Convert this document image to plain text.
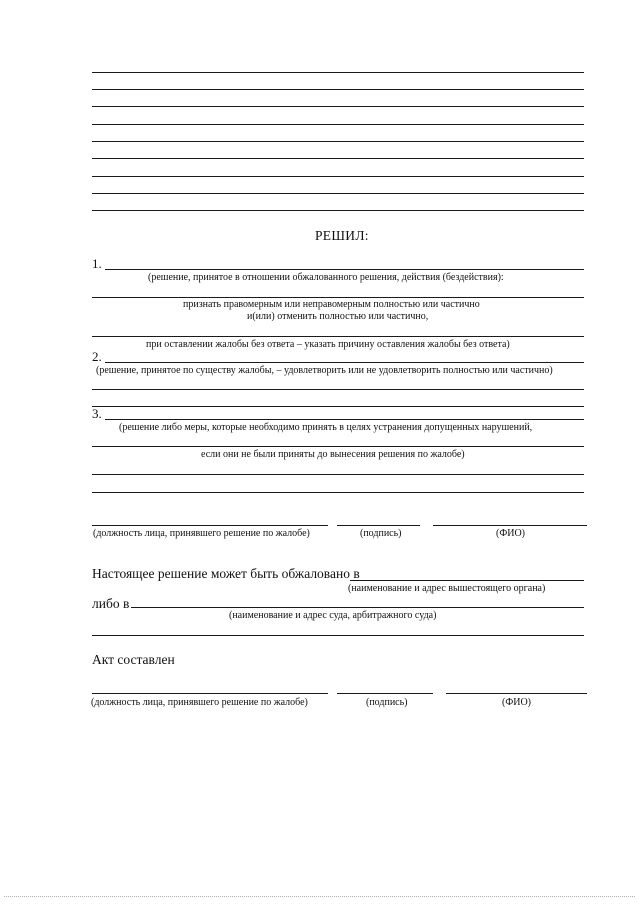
РЕШИЛ:
1.
(решение, принятое в отношении обжалованного решения, действия (бездействия):
признать правомерным или неправомерным полностью или частично
и(или) отменить полностью или частично,
при оставлении жалобы без ответа – указать причину оставления жалобы без ответа)
2.
(решение, принятое по существу жалобы, – удовлетворить или не удовлетворить полностью или частично)
3.
(решение либо меры, которые необходимо принять в целях устранения допущенных нарушений,
если они не были приняты до вынесения решения по жалобе)
(должность лица, принявшего решение по жалобе)	(подпись)	(ФИО)
Настоящее решение может быть обжаловано в
(наименование и адрес вышестоящего органа)
либо в
(наименование и адрес суда, арбитражного суда)
Акт составлен
(должность лица, принявшего решение по жалобе)	(подпись)	(ФИО)
